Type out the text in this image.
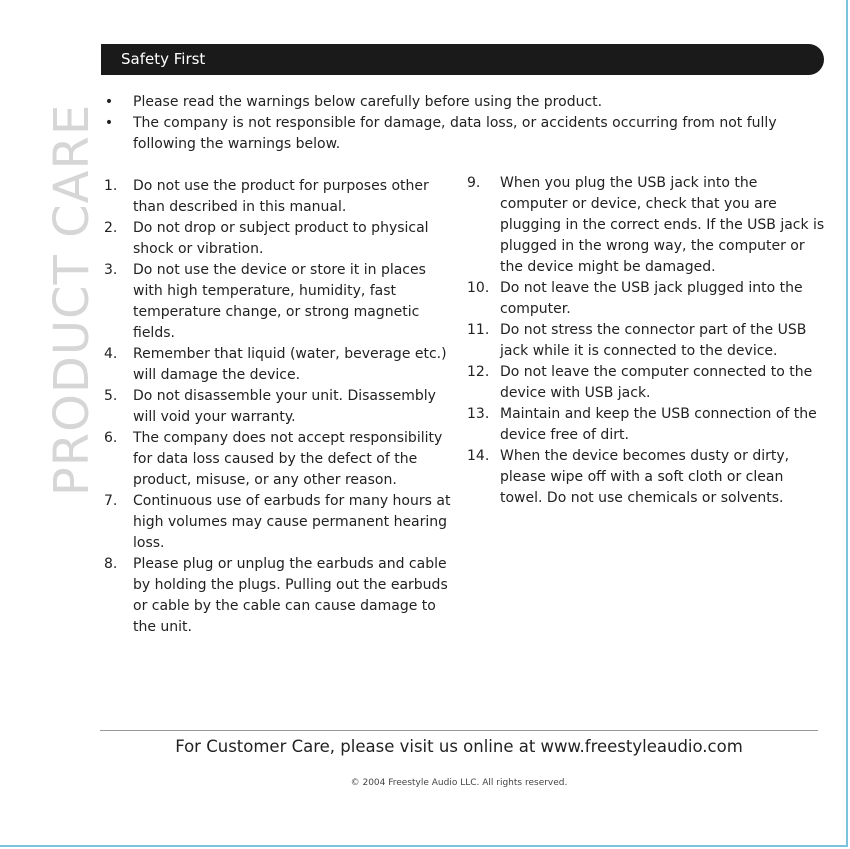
PRODUCT CARE
Safety First
• Please read the warnings below carefully before using the product.
• The company is not responsible for damage, data loss, or accidents occurring from not fully following the warnings below.
1. Do not use the product for purposes other than described in this manual.
2. Do not drop or subject product to physical shock or vibration.
3. Do not use the device or store it in places with high temperature, humidity, fast temperature change, or strong magnetic fields.
4. Remember that liquid (water, beverage etc.) will damage the device.
5. Do not disassemble your unit. Disassembly will void your warranty.
6. The company does not accept responsibility for data loss caused by the defect of the product, misuse, or any other reason.
7. Continuous use of earbuds for many hours at high volumes may cause permanent hearing loss.
8. Please plug or unplug the earbuds and cable by holding the plugs. Pulling out the earbuds or cable by the cable can cause damage to the unit.
9. When you plug the USB jack into the computer or device, check that you are plugging in the correct ends. If the USB jack is plugged in the wrong way, the computer or the device might be damaged.
10. Do not leave the USB jack plugged into the computer.
11. Do not stress the connector part of the USB jack while it is connected to the device.
12. Do not leave the computer connected to the device with USB jack.
13. Maintain and keep the USB connection of the device free of dirt.
14. When the device becomes dusty or dirty, please wipe off with a soft cloth or clean towel. Do not use chemicals or solvents.
For Customer Care, please visit us online at www.freestyleaudio.com
© 2004 Freestyle Audio LLC. All rights reserved.
